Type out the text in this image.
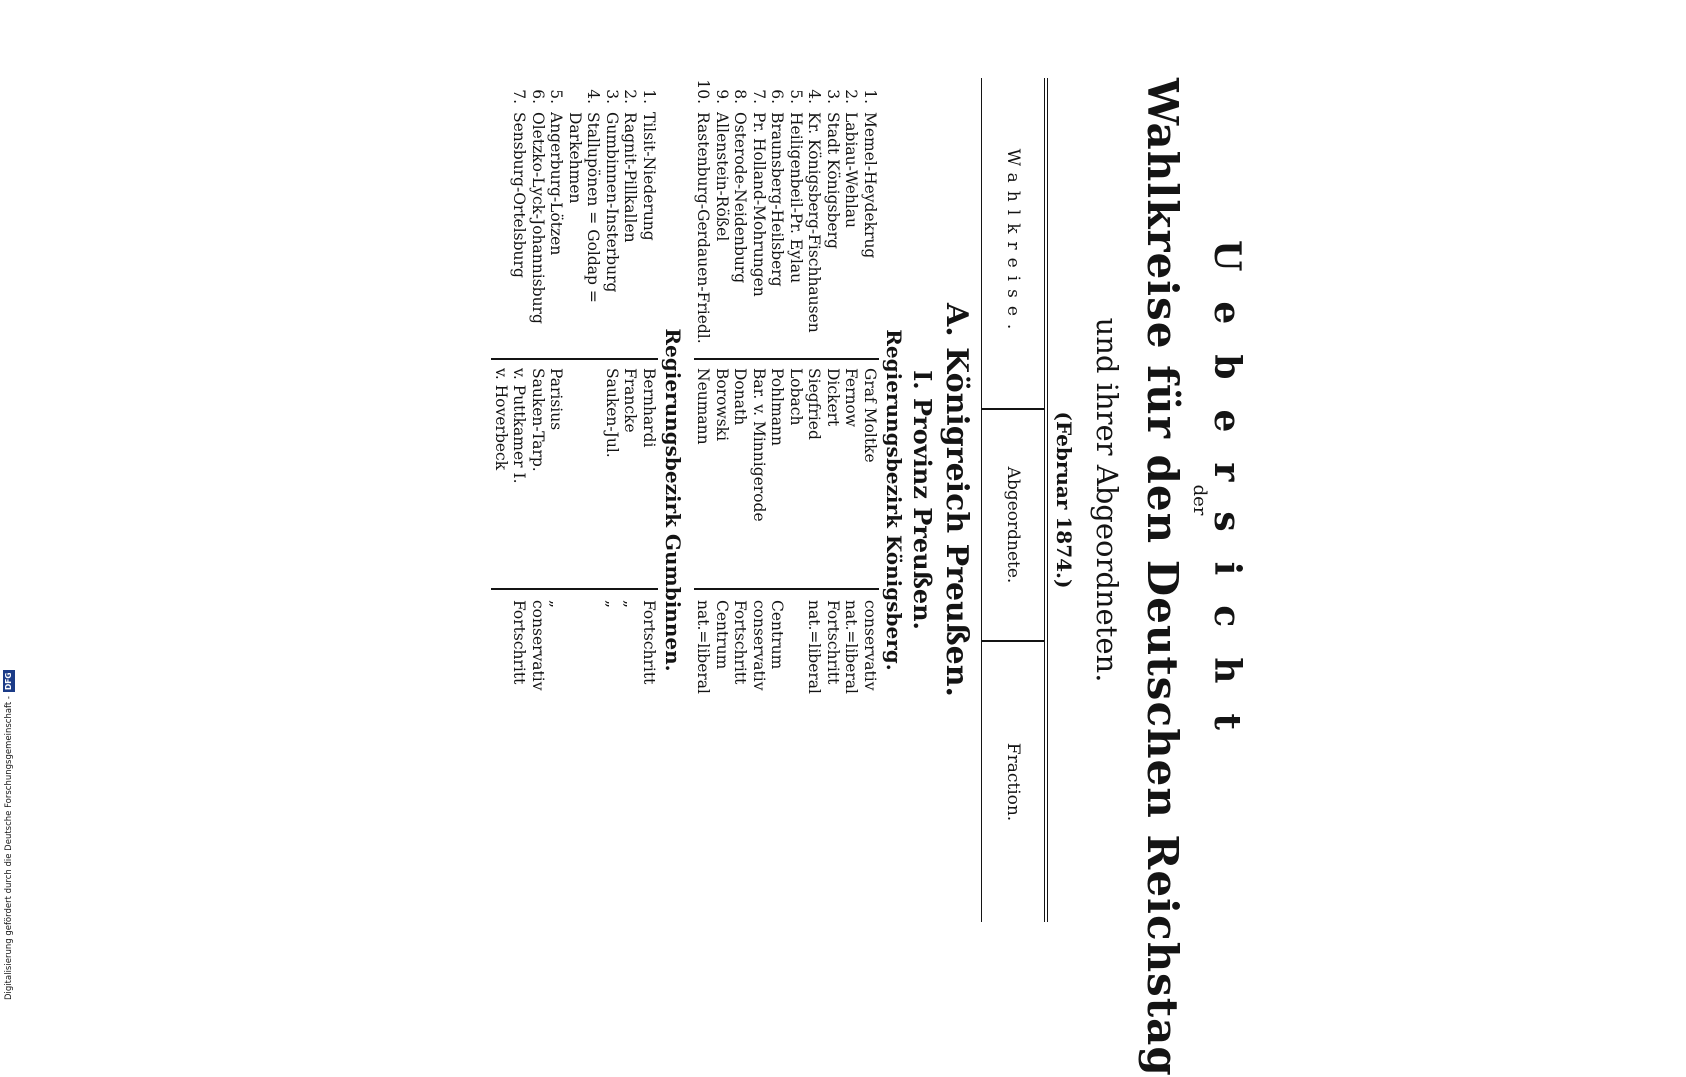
Digitalisierung gefördert durch die Deutsche Forschungsgemeinschaft -
DFG	Uebersicht
der
Wahlkreise für den Deutschen Reichstag
und ihrer Abgeordneten.
(Februar 1874.)
Wahlkreise.
Abgeordnete.
Fraction.
A. Königreich Preußen.
I. Provinz Preußen.
Regierungsbezirk Königsberg.
1.
Memel-Heydekrug
Graf Moltke
conservativ
2.
Labiau-Wehlau
Fernow
nat.=liberal
3.
Stadt Königsberg
Dickert
Fortschritt
4.
Kr. Königsberg-Fischhausen
Siegfried
nat.=liberal
5.
Heiligenbeil-Pr. Eylau
Lobach
6.
Braunsberg-Heilsberg
Pohlmann
Centrum
7.
Pr. Holland-Mohrungen
Bar. v. Minnigerode
conservativ
8.
Osterode-Neidenburg
Donath
Fortschritt
9.
Allenstein-Rößel
Borowski
Centrum
10.
Rastenburg-Gerdauen-Friedl.
Neumann
nat.=liberal
Regierungsbezirk Gumbinnen.
1.
Tilsit-Niederung
Bernhardi
Fortschritt
2.
Ragnit-Pillkallen
Francke
„
3.
Gumbinnen-Insterburg
Sauken-Jul.
„
4.
Stallupönen = Goldap = Darkehmen
5.
Angerburg-Lötzen
Parisius
„
6.
Oletzko-Lyck-Johannisburg
Sauken-Tarp.
conservativ
7.
Sensburg-Ortelsburg
v. Puttkamer I.
Fortschritt
v. Hoverbeck
